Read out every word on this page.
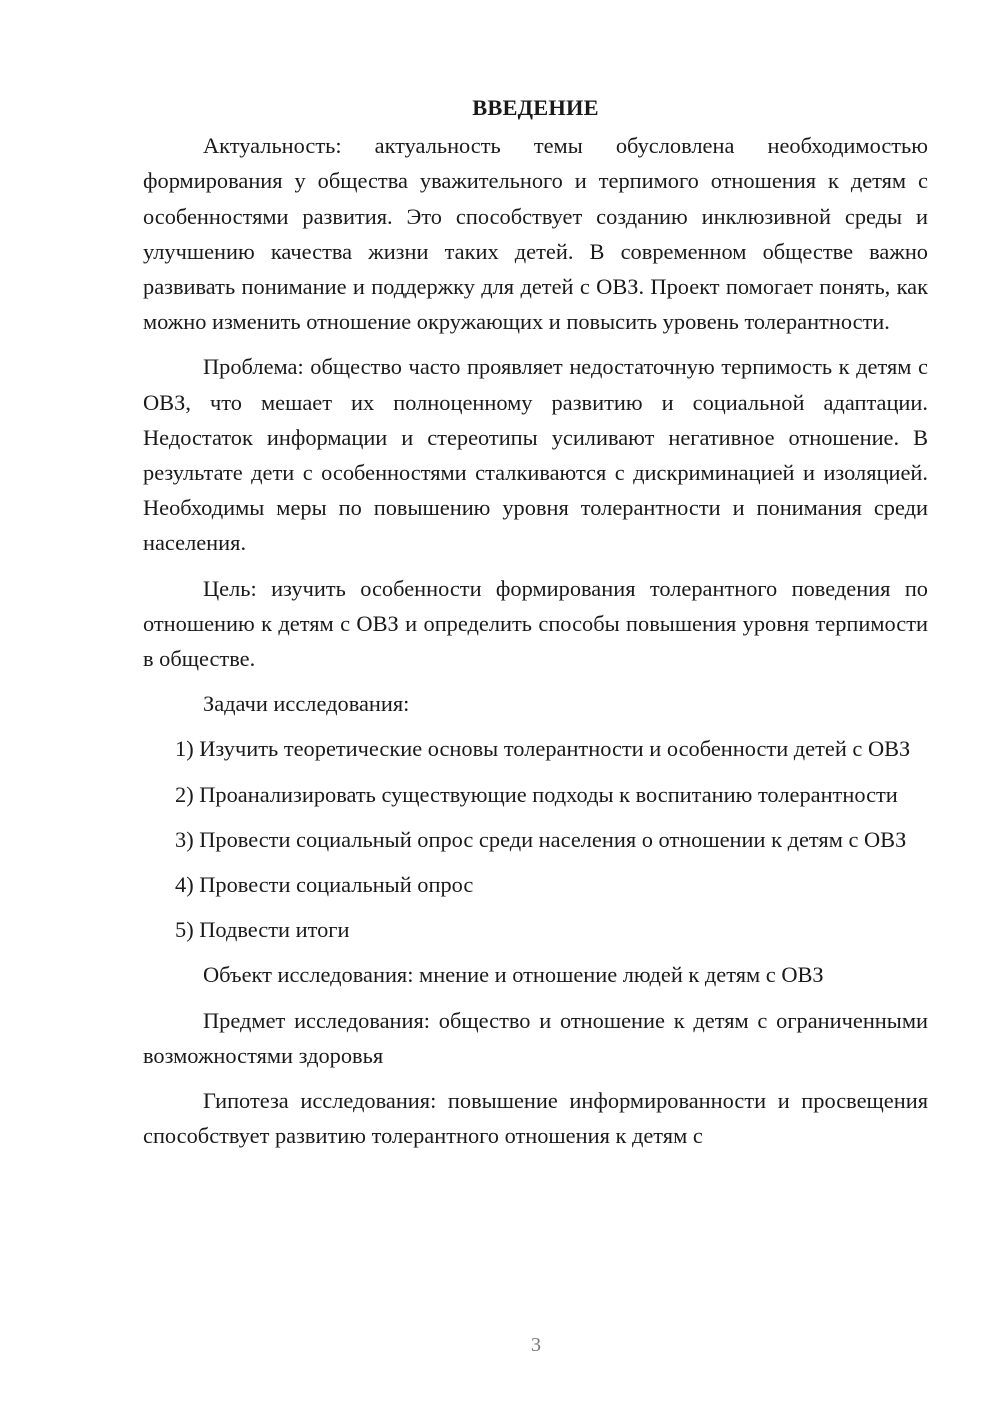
ВВЕДЕНИЕ

Актуальность: актуальность темы обусловлена необходимостью формирования у общества уважительного и терпимого отношения к детям с особенностями развития. Это способствует созданию инклюзивной среды и улучшению качества жизни таких детей. В современном обществе важно развивать понимание и поддержку для детей с ОВЗ. Проект помогает понять, как можно изменить отношение окружающих и повысить уровень толерантности.

Проблема: общество часто проявляет недостаточную терпимость к детям с ОВЗ, что мешает их полноценному развитию и социальной адаптации. Недостаток информации и стереотипы усиливают негативное отношение. В результате дети с особенностями сталкиваются с дискриминацией и изоляцией. Необходимы меры по повышению уровня толерантности и понимания среди населения.

Цель: изучить особенности формирования толерантного поведения по отношению к детям с ОВЗ и определить способы повышения уровня терпимости в обществе.

Задачи исследования:

1) Изучить теоретические основы толерантности и особенности детей с ОВЗ

2) Проанализировать существующие подходы к воспитанию толерантности

3) Провести социальный опрос среди населения о отношении к детям с ОВЗ

4) Провести социальный опрос

5) Подвести итоги

Объект исследования: мнение и отношение людей к детям с ОВЗ

Предмет исследования: общество и отношение к детям с ограниченными возможностями здоровья

Гипотеза исследования: повышение информированности и просвещения способствует развитию толерантного отношения к детям с

3
